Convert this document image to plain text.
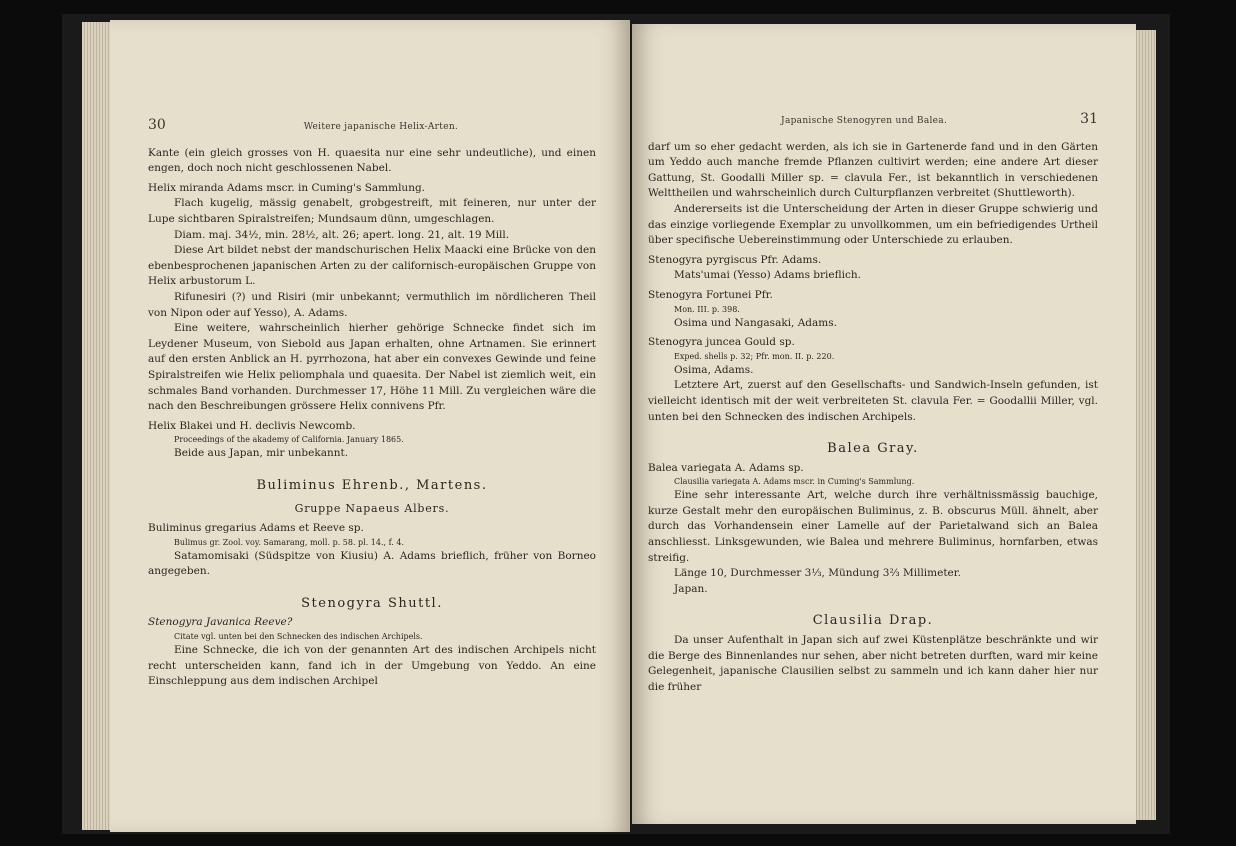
30	Weitere japanische Helix-Arten.

Kante (ein gleich grosses von H. quaesita nur eine sehr undeutliche), und einen engen, doch noch nicht geschlossenen Nabel.

Helix miranda Adams mscr. in Cuming's Sammlung.

Flach kugelig, mässig genabelt, grobgestreift, mit feineren, nur unter der Lupe sichtbaren Spiralstreifen; Mundsaum dünn, umgeschlagen.

Diam. maj. 34½, min. 28½, alt. 26; apert. long. 21, alt. 19 Mill.

Diese Art bildet nebst der mandschurischen Helix Maacki eine Brücke von den ebenbesprochenen japanischen Arten zu der californisch-europäischen Gruppe von Helix arbustorum L.

Rifunesiri (?) und Risiri (mir unbekannt; vermuthlich im nördlicheren Theil von Nipon oder auf Yesso), A. Adams.

Eine weitere, wahrscheinlich hierher gehörige Schnecke findet sich im Leydener Museum, von Siebold aus Japan erhalten, ohne Artnamen. Sie erinnert auf den ersten Anblick an H. pyrrhozona, hat aber ein convexes Gewinde und feine Spiralstreifen wie Helix peliomphala und quaesita. Der Nabel ist ziemlich weit, ein schmales Band vorhanden. Durchmesser 17, Höhe 11 Mill. Zu vergleichen wäre die nach den Beschreibungen grössere Helix connivens Pfr.

Helix Blakei und H. declivis Newcomb.

Proceedings of the akademy of California. January 1865.

Beide aus Japan, mir unbekannt.

Buliminus Ehrenb., Martens.
Gruppe Napaeus Albers.

Buliminus gregarius Adams et Reeve sp.

Bulimus gr. Zool. voy. Samarang, moll. p. 58. pl. 14., f. 4.

Satamomisaki (Südspitze von Kiusiu) A. Adams brieflich, früher von Borneo angegeben.

Stenogyra Shuttl.

Stenogyra Javanica Reeve?

Citate vgl. unten bei den Schnecken des indischen Archipels.

Eine Schnecke, die ich von der genannten Art des indischen Archipels nicht recht unterscheiden kann, fand ich in der Umgebung von Yeddo. An eine Einschleppung aus dem indischen Archipel

Japanische Stenogyren und Balea.	31

darf um so eher gedacht werden, als ich sie in Gartenerde fand und in den Gärten um Yeddo auch manche fremde Pflanzen cultivirt werden; eine andere Art dieser Gattung, St. Goodalli Miller sp. = clavula Fer., ist bekanntlich in verschiedenen Welttheilen und wahrscheinlich durch Culturpflanzen verbreitet (Shuttleworth).

Andererseits ist die Unterscheidung der Arten in dieser Gruppe schwierig und das einzige vorliegende Exemplar zu unvollkommen, um ein befriedigendes Urtheil über specifische Uebereinstimmung oder Unterschiede zu erlauben.

Stenogyra pyrgiscus Pfr. Adams.

Mats'umai (Yesso) Adams brieflich.

Stenogyra Fortunei Pfr.

Mon. III. p. 398.

Osima und Nangasaki, Adams.

Stenogyra juncea Gould sp.

Exped. shells p. 32; Pfr. mon. II. p. 220.

Osima, Adams.

Letztere Art, zuerst auf den Gesellschafts- und Sandwich-Inseln gefunden, ist vielleicht identisch mit der weit verbreiteten St. clavula Fer. = Goodallii Miller, vgl. unten bei den Schnecken des indischen Archipels.

Balea Gray.

Balea variegata A. Adams sp.

Clausilia variegata A. Adams mscr. in Cuming's Sammlung.

Eine sehr interessante Art, welche durch ihre verhältnissmässig bauchige, kurze Gestalt mehr den europäischen Buliminus, z. B. obscurus Müll. ähnelt, aber durch das Vorhandensein einer Lamelle auf der Parietalwand sich an Balea anschliesst. Linksgewunden, wie Balea und mehrere Buliminus, hornfarben, etwas streifig.

Länge 10, Durchmesser 3⅓, Mündung 3⅔ Millimeter.

Japan.

Clausilia Drap.

Da unser Aufenthalt in Japan sich auf zwei Küstenplätze beschränkte und wir die Berge des Binnenlandes nur sehen, aber nicht betreten durften, ward mir keine Gelegenheit, japanische Clausilien selbst zu sammeln und ich kann daher hier nur die früher
